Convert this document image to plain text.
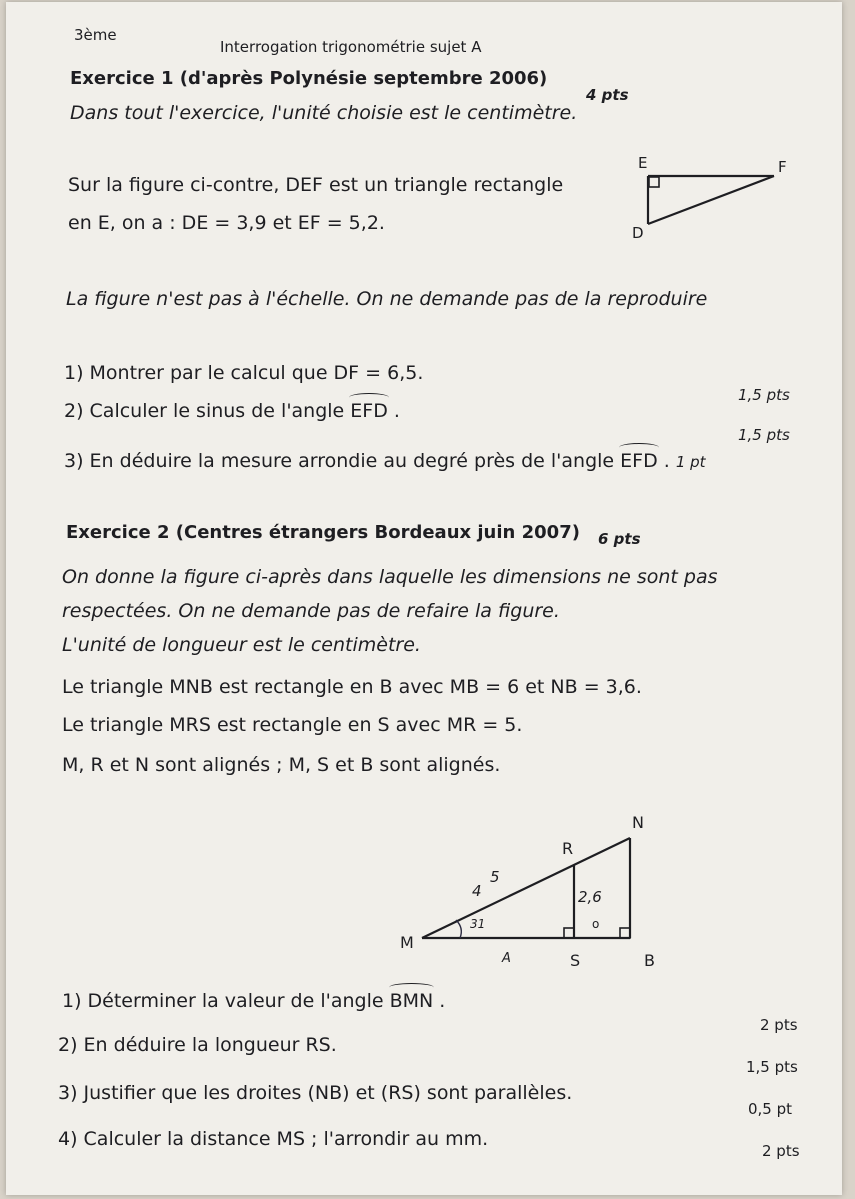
3ème
Interrogation trigonométrie sujet A
Exercice 1 (d'après Polynésie septembre 2006)
4 pts
Dans tout l'exercice, l'unité choisie est le centimètre.
Sur la figure ci-contre, DEF est un triangle rectangle
en E, on a : DE = 3,9 et EF = 5,2.
E	F
D
La figure n'est pas à l'échelle. On ne demande pas de la reproduire
1) Montrer par le calcul que DF = 6,5.
1,5 pts
2) Calculer le sinus de l'angle EFD .
1,5 pts
3) En déduire la mesure arrondie au degré près de l'angle EFD . 1 pt
Exercice 2 (Centres étrangers Bordeaux juin 2007) 6 pts
On donne la figure ci-après dans laquelle les dimensions ne sont pas
respectées. On ne demande pas de refaire la figure.
L'unité de longueur est le centimètre.
Le triangle MNB est rectangle en B avec MB = 6 et NB = 3,6.
Le triangle MRS est rectangle en S avec MR = 5.
M, R et N sont alignés ; M, S et B sont alignés.
N
R
M
S	B
5
4	2,6
o
31
A
1) Déterminer la valeur de l'angle BMN .
2 pts
2) En déduire la longueur RS.
1,5 pts
3) Justifier que les droites (NB) et (RS) sont parallèles.
0,5 pt
4) Calculer la distance MS ; l'arrondir au mm.
2 pts
